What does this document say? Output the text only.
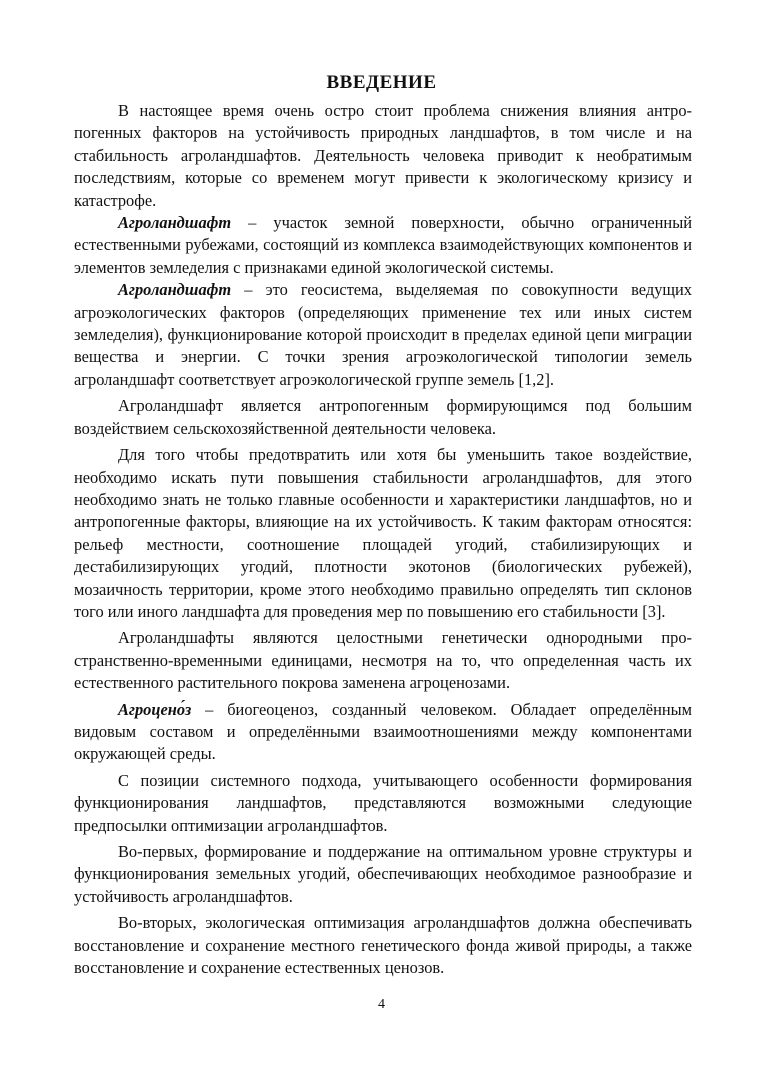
ВВЕДЕНИЕ

В настоящее время очень остро стоит проблема снижения влияния антропогенных факторов на устойчивость природных ландшафтов, в том числе и на стабильность агроландшафтов. Деятельность человека приводит к необратимым последствиям, которые со временем могут привести к экологическому кризису и катастрофе.

Агроландшафт – участок земной поверхности, обычно ограниченный естественными рубежами, состоящий из комплекса взаимодействующих компонентов и элементов земледелия с признаками единой экологической системы.

Агроландшафт – это геосистема, выделяемая по совокупности ведущих агроэкологических факторов (определяющих применение тех или иных систем земледелия), функционирование которой происходит в пределах единой цепи миграции вещества и энергии. С точки зрения агроэкологической типологии земель агроландшафт соответствует агроэкологической группе земель [1,2].

Агроландшафт является антропогенным формирующимся под большим воздействием сельскохозяйственной деятельности человека.

Для того чтобы предотвратить или хотя бы уменьшить такое воздействие, необходимо искать пути повышения стабильности агроландшафтов, для этого необходимо знать не только главные особенности и характеристики ландшафтов, но и антропогенные факторы, влияющие на их устойчивость. К таким факторам относятся: рельеф местности, соотношение площадей угодий, стабилизирующих и дестабилизирующих угодий, плотности экотонов (биологических рубежей), мозаичность территории, кроме этого необходимо правильно определять тип склонов того или иного ландшафта для проведения мер по повышению его стабильности [3].

Агроландшафты являются целостными генетически однородными пространственно-временными единицами, несмотря на то, что определенная часть их естественного растительного покрова заменена агроценозами.

Агроцено́з – биогеоценоз, созданный человеком. Обладает определённым видовым составом и определёнными взаимоотношениями между компонентами окружающей среды.

С позиции системного подхода, учитывающего особенности формирования функционирования ландшафтов, представляются возможными следующие предпосылки оптимизации агроландшафтов.

Во-первых, формирование и поддержание на оптимальном уровне структуры и функционирования земельных угодий, обеспечивающих необходимое разнообразие и устойчивость агроландшафтов.

Во-вторых, экологическая оптимизация агроландшафтов должна обеспечивать восстановление и сохранение местного генетического фонда живой природы, а также восстановление и сохранение естественных ценозов.

4
